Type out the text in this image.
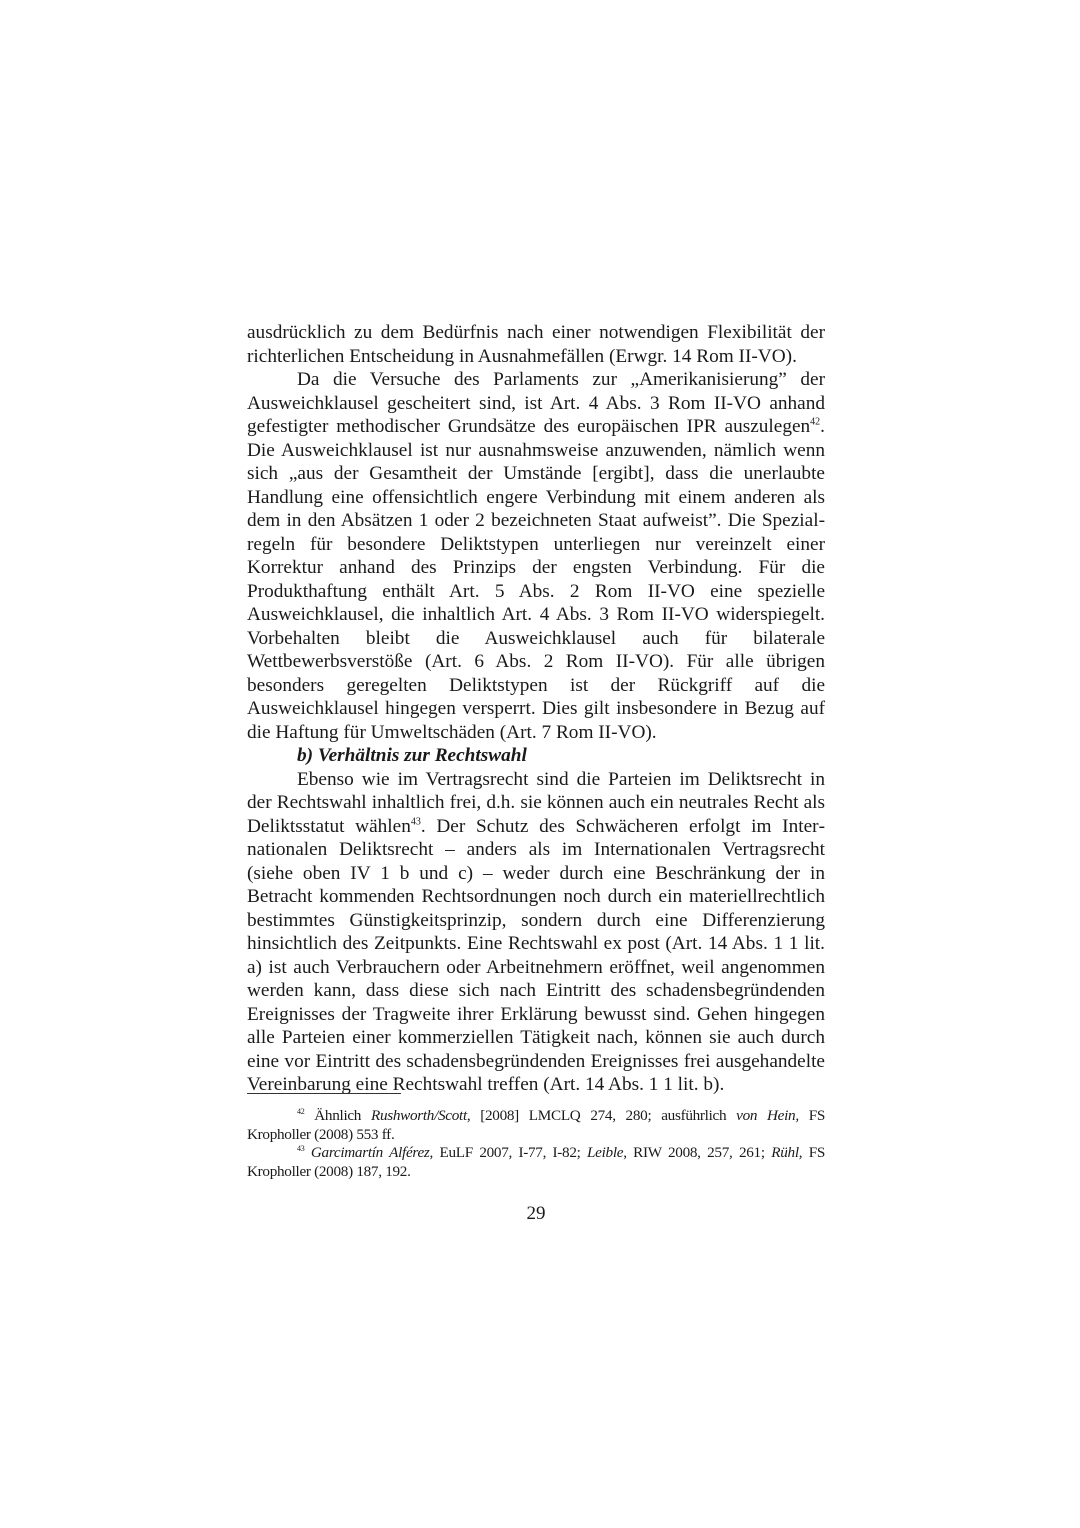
ausdrücklich zu dem Bedürfnis nach einer notwendigen Flexibilität der richterlichen Entscheidung in Ausnahmefällen (Erwgr. 14 Rom II-VO).

Da die Versuche des Parlaments zur „Amerikanisierung” der Ausweichklausel gescheitert sind, ist Art. 4 Abs. 3 Rom II-VO anhand gefestigter methodischer Grundsätze des europäischen IPR auszulegen$^{42}$. Die Ausweichklausel ist nur ausnahmsweise anzuwenden, nämlich wenn sich „aus der Gesamtheit der Umstände [ergibt], dass die unerlaubte Handlung eine offensichtlich engere Verbindung mit einem anderen als dem in den Absätzen 1 oder 2 bezeichneten Staat aufweist”. Die Spezialregeln für besondere Deliktstypen unterliegen nur vereinzelt einer Korrektur anhand des Prinzips der engsten Verbindung. Für die Produkthaftung enthält Art. 5 Abs. 2 Rom II-VO eine spezielle Ausweichklausel, die inhaltlich Art. 4 Abs. 3 Rom II-VO widerspiegelt. Vorbehalten bleibt die Ausweichklausel auch für bilaterale Wettbewerbsverstöße (Art. 6 Abs. 2 Rom II-VO). Für alle übrigen besonders geregelten Deliktstypen ist der Rückgriff auf die Ausweichklausel hingegen versperrt. Dies gilt insbesondere in Bezug auf die Haftung für Umweltschäden (Art. 7 Rom II-VO).

b) Verhältnis zur Rechtswahl

Ebenso wie im Vertragsrecht sind die Parteien im Deliktsrecht in der Rechtswahl inhaltlich frei, d.h. sie können auch ein neutrales Recht als Deliktsstatut wählen$^{43}$. Der Schutz des Schwächeren erfolgt im Internationalen Deliktsrecht – anders als im Internationalen Vertragsrecht (siehe oben IV 1 b und c) – weder durch eine Beschränkung der in Betracht kommenden Rechtsordnungen noch durch ein materiellrechtlich bestimmtes Günstigkeitsprinzip, sondern durch eine Differenzierung hinsichtlich des Zeitpunkts. Eine Rechtswahl ex post (Art. 14 Abs. 1 1 lit. a) ist auch Verbrauchern oder Arbeitnehmern eröffnet, weil angenommen werden kann, dass diese sich nach Eintritt des schadensbegründenden Ereignisses der Tragweite ihrer Erklärung bewusst sind. Gehen hingegen alle Parteien einer kommerziellen Tätigkeit nach, können sie auch durch eine vor Eintritt des schadensbegründenden Ereignisses frei ausgehandelte Vereinbarung eine Rechtswahl treffen (Art. 14 Abs. 1 1 lit. b).

$^{42}$ Ähnlich Rushworth/Scott, [2008] LMCLQ 274, 280; ausführlich von Hein, FS Kropholler (2008) 553 ff.

$^{43}$ Garcimartín Alférez, EuLF 2007, I-77, I-82; Leible, RIW 2008, 257, 261; Rühl, FS Kropholler (2008) 187, 192.

29
